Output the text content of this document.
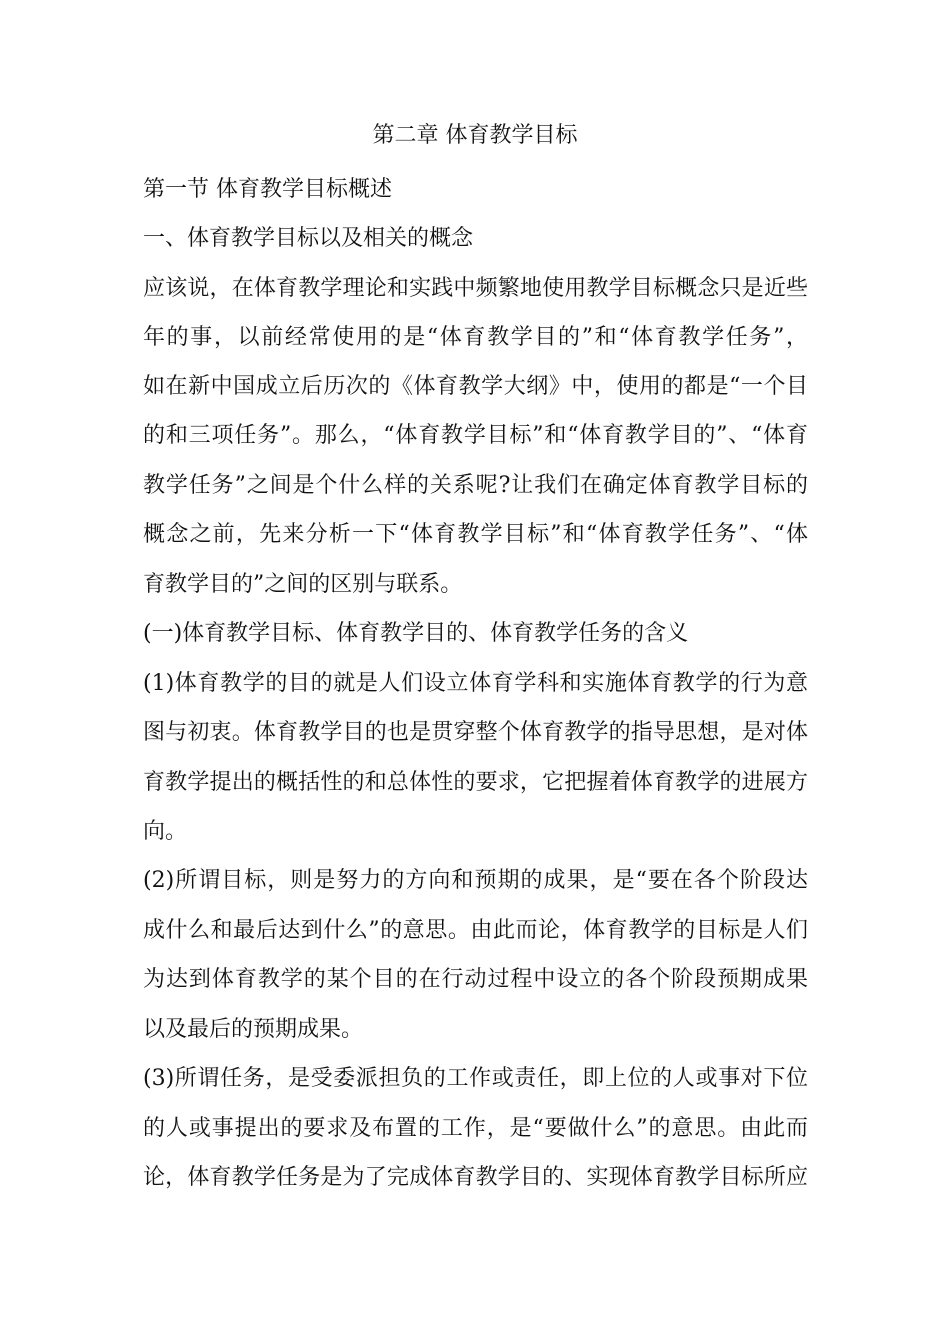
第二章 体育教学目标
第一节 体育教学目标概述
一、体育教学目标以及相关的概念
应该说，在体育教学理论和实践中频繁地使用教学目标概念只是近些
年的事，以前经常使用的是“体育教学目的”和“体育教学任务”，
如在新中国成立后历次的《体育教学大纲》中，使用的都是“一个目
的和三项任务”。那么，“体育教学目标”和“体育教学目的”、“体育
教学任务”之间是个什么样的关系呢?让我们在确定体育教学目标的
概念之前，先来分析一下“体育教学目标”和“体育教学任务”、“体
育教学目的”之间的区别与联系。
(一)体育教学目标、体育教学目的、体育教学任务的含义
(1)体育教学的目的就是人们设立体育学科和实施体育教学的行为意
图与初衷。体育教学目的也是贯穿整个体育教学的指导思想，是对体
育教学提出的概括性的和总体性的要求，它把握着体育教学的进展方
向。
(2)所谓目标，则是努力的方向和预期的成果，是“要在各个阶段达
成什么和最后达到什么”的意思。由此而论，体育教学的目标是人们
为达到体育教学的某个目的在行动过程中设立的各个阶段预期成果
以及最后的预期成果。
(3)所谓任务，是受委派担负的工作或责任，即上位的人或事对下位
的人或事提出的要求及布置的工作，是“要做什么”的意思。由此而
论，体育教学任务是为了完成体育教学目的、实现体育教学目标所应
